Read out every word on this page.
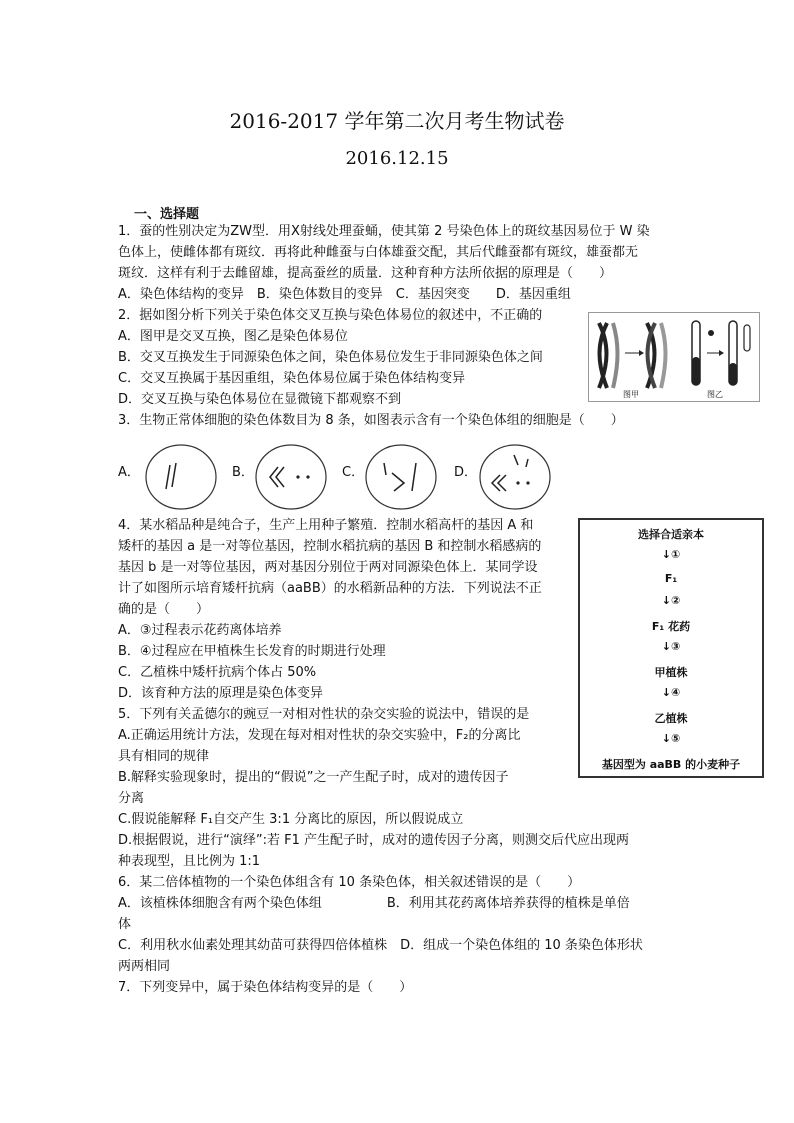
2016-2017 学年第二次月考生物试卷
2016.12.15
一、选择题
1．蚕的性别决定为ZW型．用X射线处理蚕蛹，使其第 2 号染色体上的斑纹基因易位于 W 染
色体上，使雌体都有斑纹．再将此种雌蚕与白体雄蚕交配，其后代雌蚕都有斑纹，雄蚕都无
斑纹．这样有利于去雌留雄，提高蚕丝的质量．这种育种方法所依据的原理是（　　）
A．染色体结构的变异　B．染色体数目的变异　C．基因突变　　D．基因重组
2．据如图分析下列关于染色体交叉互换与染色体易位的叙述中，不正确的
A．图甲是交叉互换，图乙是染色体易位
B．交叉互换发生于同源染色体之间，染色体易位发生于非同源染色体之间
C．交叉互换属于基因重组，染色体易位属于染色体结构变异
D．交叉互换与染色体易位在显微镜下都观察不到	图甲	图乙
3．生物正常体细胞的染色体数目为 8 条，如图表示含有一个染色体组的细胞是（　　）
A．	B．	C．	D．
4．某水稻品种是纯合子，生产上用种子繁殖．控制水稻高杆的基因 A 和
矮杆的基因 a 是一对等位基因，控制水稻抗病的基因 B 和控制水稻感病的
基因 b 是一对等位基因，两对基因分别位于两对同源染色体上．某同学设
计了如图所示培育矮杆抗病（aaBB）的水稻新品种的方法．下列说法不正
确的是（　　）
A．③过程表示花药离体培养
B．④过程应在甲植株生长发育的时期进行处理
C．乙植株中矮杆抗病个体占 50%
D．该育种方法的原理是染色体变异
选择合适亲本
↓①
F₁
↓②
F₁ 花药
↓③
甲植株
↓④
乙植株
↓⑤
基因型为 aaBB 的小麦种子
5．下列有关孟德尔的豌豆一对相对性状的杂交实验的说法中，错误的是
A.正确运用统计方法，发现在每对相对性状的杂交实验中，F₂的分离比
具有相同的规律
B.解释实验现象时，提出的“假说”之一产生配子时，成对的遗传因子
分离
C.假说能解释 F₁自交产生 3:1 分离比的原因，所以假说成立
D.根据假说，进行“演绎”:若 F1 产生配子时，成对的遗传因子分离，则测交后代应出现两
种表现型，且比例为 1:1
6．某二倍体植物的一个染色体组含有 10 条染色体，相关叙述错误的是（　　）
A．该植株体细胞含有两个染色体组　　　　　B．利用其花药离体培养获得的植株是单倍
体
C．利用秋水仙素处理其幼苗可获得四倍体植株　D．组成一个染色体组的 10 条染色体形状
两两相同
7．下列变异中，属于染色体结构变异的是（　　）
